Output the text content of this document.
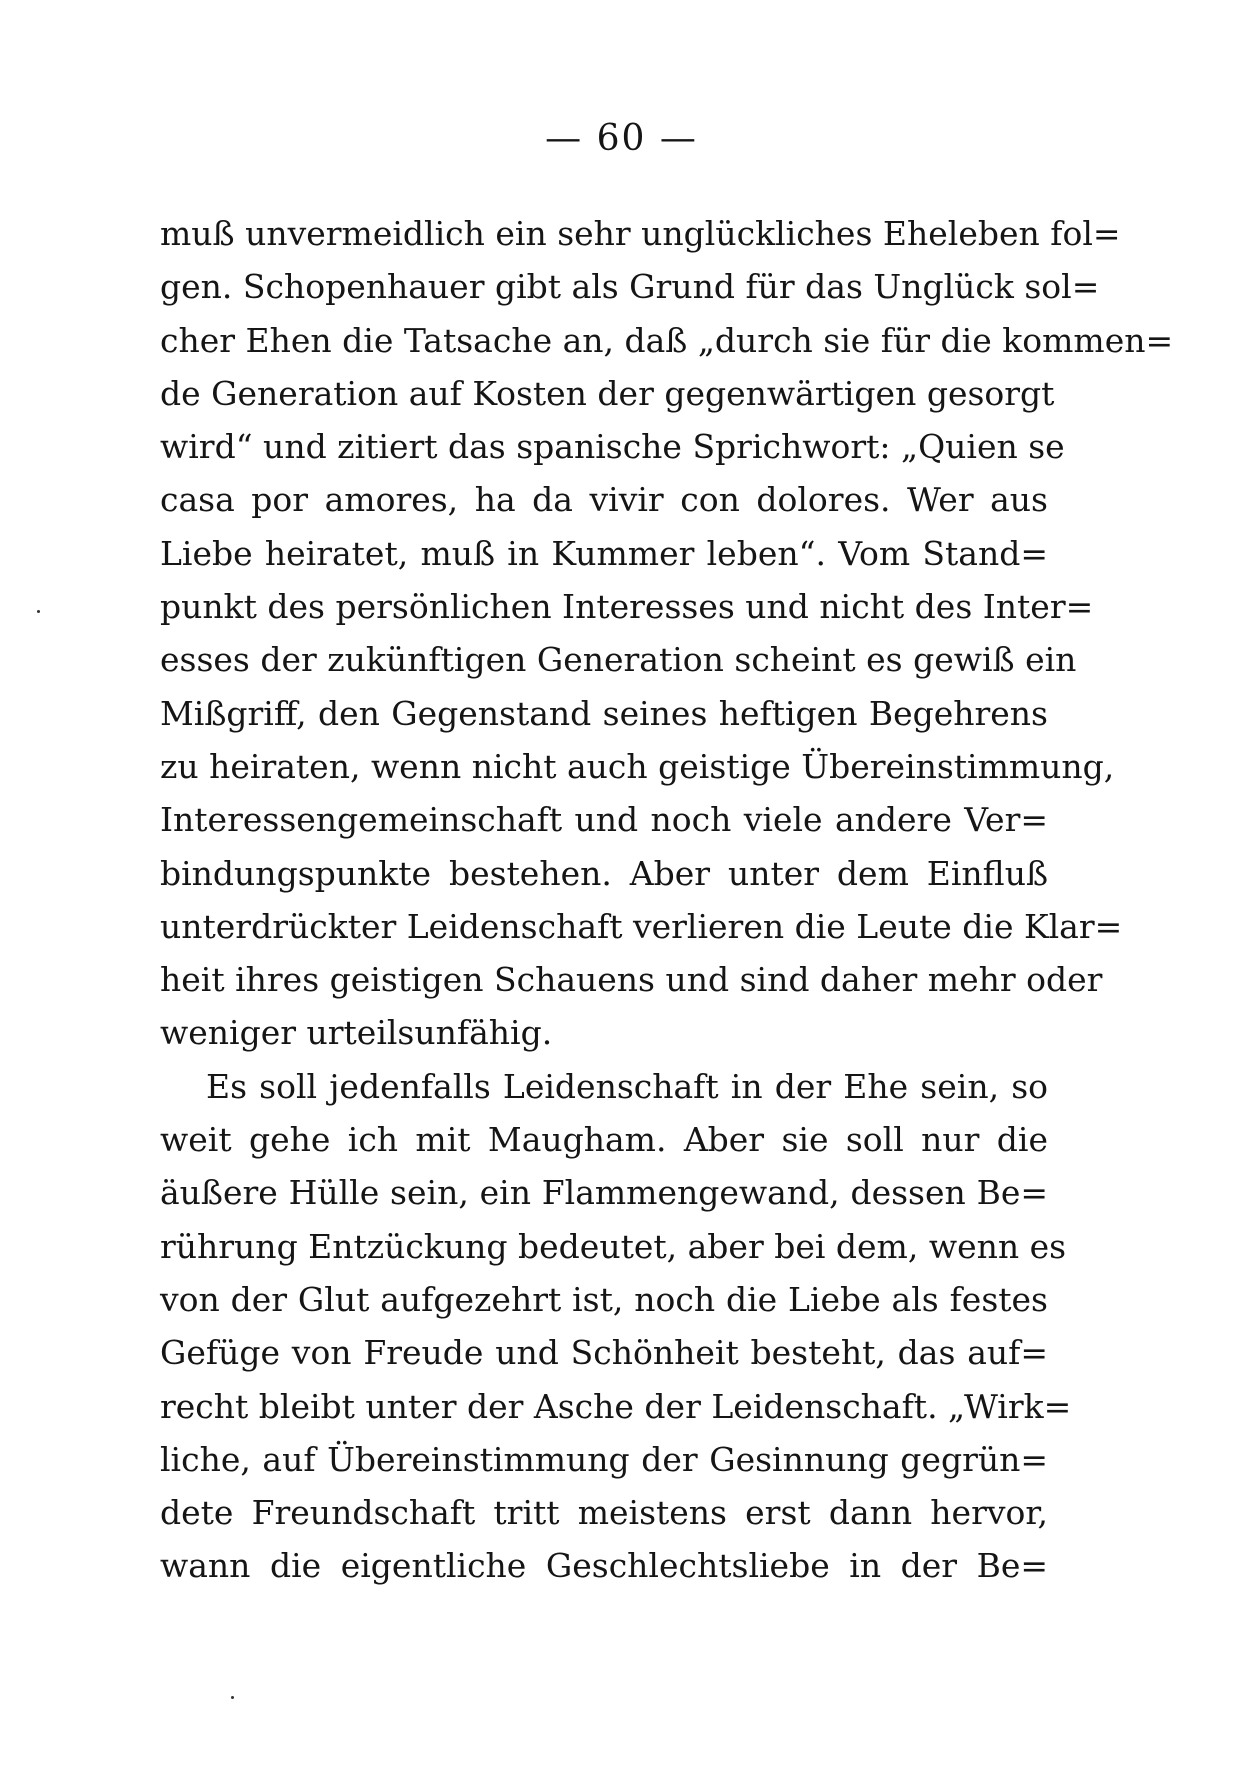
— 60 —
muß unvermeidlich ein sehr unglückliches Eheleben fol=
gen. Schopenhauer gibt als Grund für das Unglück sol=
cher Ehen die Tatsache an, daß „durch sie für die kommen=
de Generation auf Kosten der gegenwärtigen gesorgt
wird“ und zitiert das spanische Sprichwort: „Quien se
casa por amores, ha da vivir con dolores. Wer aus
Liebe heiratet, muß in Kummer leben“. Vom Stand=
punkt des persönlichen Interesses und nicht des Inter=
esses der zukünftigen Generation scheint es gewiß ein
Mißgriff, den Gegenstand seines heftigen Begehrens
zu heiraten, wenn nicht auch geistige Übereinstimmung,
Interessengemeinschaft und noch viele andere Ver=
bindungspunkte bestehen. Aber unter dem Einfluß
unterdrückter Leidenschaft verlieren die Leute die Klar=
heit ihres geistigen Schauens und sind daher mehr oder
weniger urteilsunfähig.
Es soll jedenfalls Leidenschaft in der Ehe sein, so
weit gehe ich mit Maugham. Aber sie soll nur die
äußere Hülle sein, ein Flammengewand, dessen Be=
rührung Entzückung bedeutet, aber bei dem, wenn es
von der Glut aufgezehrt ist, noch die Liebe als festes
Gefüge von Freude und Schönheit besteht, das auf=
recht bleibt unter der Asche der Leidenschaft. „Wirk=
liche, auf Übereinstimmung der Gesinnung gegrün=
dete Freundschaft tritt meistens erst dann hervor,
wann die eigentliche Geschlechtsliebe in der Be=
